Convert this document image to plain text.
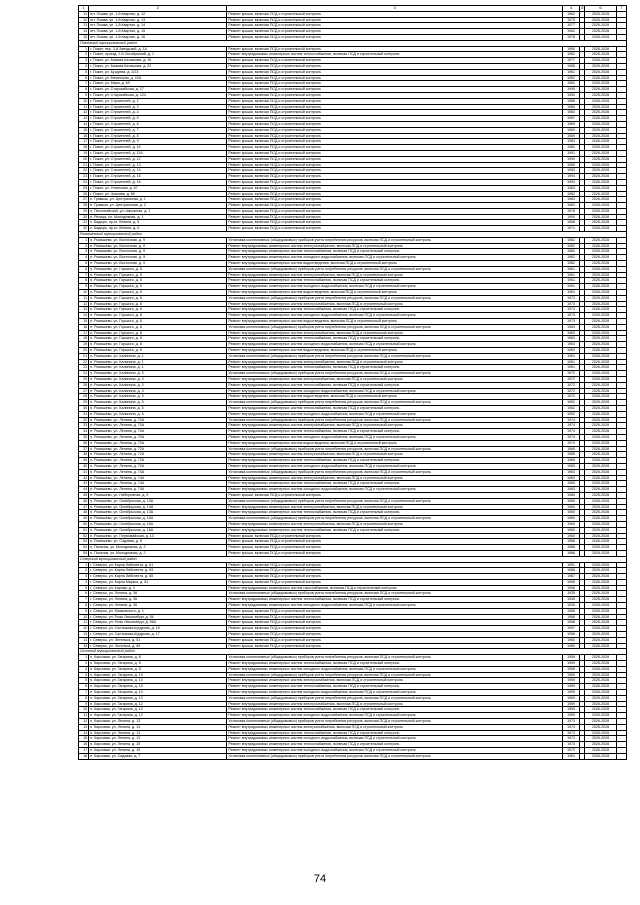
1	2	3	4	5	6	7
11	пгт. Пожва, ул. 1-й Квартал, д. 12	Ремонт крыши, включая ПСД и строительный контроль	1962		2026-2028	
12	пгт. Пожва, ул. 1-й Квартал, д. 13	Ремонт крыши, включая ПСД и строительный контроль	1975		2026-2028	
13	пгт. Пожва, ул. 1-й Квартал, д. 14	Ремонт крыши, включая ПСД и строительный контроль	1977		2026-2028	
14	пгт. Пожва, ул. 1-й Квартал, д. 15	Ремонт крыши, включая ПСД и строительный контроль	1962		2026-2028	
15	пгт. Пожва, ул. 1-й Квартал, д. 16	Ремонт крыши, включая ПСД и строительный контроль	1978		2026-2028	
Пожевский муниципальный район						
1	г. Пожег, пер. 3-й Заводский, д. 1А	Ремонт крыши, включая ПСД и строительный контроль	1990		2026-2028	
2	г. Пожег, проезд. 2-й Октябрьский, д. 1	Ремонт внутридомовых инженерных систем теплоснабжения, включая ПСД и строительный контроль	1962		2026-2028	
3	г. Пожег, ул. Бажова Калашова, д. 16	Ремонт крыши, включая ПСД и строительный контроль	1977		2026-2028	
4	г. Пожег, ул. Бажова Калашова, д. 22	Ремонт крыши, включая ПСД и строительный контроль	1985		2026-2028	
5	г. Пожег, ул. Бушуева, д. 2/23	Ремонт крыши, включая ПСД и строительный контроль	1961		2026-2028	
6	г. Пожег, ул. Мезенская, д. 22А	Ремонт крыши, включая ПСД и строительный контроль	1952		2026-2028	
7	г. Пожег, ул. Мира, д. 69	Ремонт крыши, включая ПСД и строительный контроль	1962		2026-2028	
8	г. Пожег, ул. Старозябская, д. 17	Ремонт крыши, включая ПСД и строительный контроль	1995		2026-2028	
9	г. Пожег, ул. Старозябская, д. 124	Ремонт крыши, включая ПСД и строительный контроль	1950		2026-2028	
10	г. Пожег, ул. Строителей, д. 1	Ремонт крыши, включая ПСД и строительный контроль	1986		2026-2028	
11	г. Пожег, ул. Строителей, д. 3	Ремонт крыши, включая ПСД и строительный контроль	1980		2026-2028	
12	г. Пожег, ул. Строителей, д. 4	Ремонт крыши, включая ПСД и строительный контроль	1983		2026-2028	
13	г. Пожег, ул. Строителей, д. 5	Ремонт крыши, включая ПСД и строительный контроль	1987		2026-2028	
14	г. Пожег, ул. Строителей, д. 6	Ремонт крыши, включая ПСД и строительный контроль	1969		2026-2028	
15	г. Пожег, ул. Строителей, д. 7	Ремонт крыши, включая ПСД и строительный контроль	1969		2026-2028	
16	г. Пожег, ул. Строителей, д. 8	Ремонт крыши, включая ПСД и строительный контроль	1969		2026-2028	
17	г. Пожег, ул. Строителей, д. 9	Ремонт крыши, включая ПСД и строительный контроль	1983		2026-2028	
18	г. Пожег, ул. Строителей, д. 10	Ремонт крыши, включая ПСД и строительный контроль	1982		2026-2028	
19	г. Пожег, ул. Строителей, д. 11А	Ремонт крыши, включая ПСД и строительный контроль	1991		2026-2028	
20	г. Пожег, ул. Строителей, д. 12	Ремонт крыши, включая ПСД и строительный контроль	1990		2026-2028	
21	г. Пожег, ул. Строителей, д. 13	Ремонт крыши, включая ПСД и строительный контроль	1989		2026-2028	
22	г. Пожег, ул. Строителей, д. 14	Ремонт крыши, включая ПСД и строительный контроль	1983		2026-2028	
23	г. Пожег, ул. Строителей, д. 15	Ремонт крыши, включая ПСД и строительный контроль	1994		2026-2028	
24	г. Пожег, ул. Строителей, д. 16	Ремонт крыши, включая ПСД и строительный контроль	1993		2026-2028	
25	г. Пожег, ул. Ухтинская, д. 67	Ремонт крыши, включая ПСД и строительный контроль	1983		2026-2028	
26	г. Пожег, ул. Чкалова, д. 69	Ремонт крыши, включая ПСД и строительный контроль	1962		2026-2028	
27	п. Грамыш, ул. Центральная, д. 1	Ремонт крыши, включая ПСД и строительный контроль	1983		2026-2028	
28	п. Грамыш, ул. Центральная, д. 2	Ремонт крыши, включая ПСД и строительный контроль	1983		2026-2028	
29	п. Песочнайский, ул. Школьная, д. 1	Ремонт крыши, включая ПСД и строительный контроль	1976		2026-2028	
30	п. Речица, ул. Молодежная, д. 1	Ремонт крыши, включая ПСД и строительный контроль	1990		2026-2028	
31	с. Бадырь, пр-кт. Ленина, д. 5	Ремонт крыши, включая ПСД и строительный контроль	1968		2026-2028	
32	с. Бадырь, пр-кт. Ленина, д. 6	Ремонт крыши, включая ПСД и строительный контроль	1971		2026-2028	
Ромашевский муниципальный район						
1	п. Ромашево, ул. Восточная, д. 9	Установка коллективных (общедомовых) приборов учета потребления ресурсов, включая ПСД и строительный контроль	1982		2026-2028	
2	п. Ромашево, ул. Восточная, д. 9	Ремонт внутридомовых инженерных систем электроснабжения, включая ПСД и строительный контроль	1982		2026-2028	
3	п. Ромашево, ул. Восточная, д. 9	Ремонт внутридомовых инженерных систем теплоснабжения, включая ПСД и строительный контроль	1982		2026-2028	
4	п. Ромашево, ул. Восточная, д. 9	Ремонт внутридомовых инженерных систем холодного водоснабжения, включая ПСД и строительный контроль	1982		2026-2028	
5	п. Ромашево, ул. Восточная, д. 9	Ремонт внутридомовых инженерных систем водоотведения, включая ПСД и строительный контроль	1982		2026-2028	
6	п. Ромашево, ул. Горького, д. 5	Установка коллективных (общедомовых) приборов учета потребления ресурсов, включая ПСД и строительный контроль	1961		2026-2028	
7	п. Ромашево, ул. Горького, д. 5	Ремонт внутридомовых инженерных систем электроснабжения, включая ПСД и строительный контроль	1961		2026-2028	
8	п. Ромашево, ул. Горького, д. 5	Ремонт внутридомовых инженерных систем теплоснабжения, включая ПСД и строительный контроль	1961		2026-2028	
9	п. Ромашево, ул. Горького, д. 5	Ремонт внутридомовых инженерных систем холодного водоснабжения, включая ПСД и строительный контроль	1961		2026-2028	
10	п. Ромашево, ул. Горького, д. 5	Ремонт внутридомовых инженерных систем водоотведения, включая ПСД и строительный контроль	1961		2026-2028	
11	п. Ромашево, ул. Горького, д. 6	Установка коллективных (общедомовых) приборов учета потребления ресурсов, включая ПСД и строительный контроль	1973		2026-2028	
12	п. Ромашево, ул. Горького, д. 6	Ремонт внутридомовых инженерных систем электроснабжения, включая ПСД и строительный контроль	1973		2026-2028	
13	п. Ромашево, ул. Горького, д. 6	Ремонт внутридомовых инженерных систем теплоснабжения, включая ПСД и строительный контроль	1973		2026-2028	
14	п. Ромашево, ул. Горького, д. 6	Ремонт внутридомовых инженерных систем холодного водоснабжения, включая ПСД и строительный контроль	1973		2026-2028	
15	п. Ромашево, ул. Горького, д. 6	Ремонт внутридомовых инженерных систем водоотведения, включая ПСД и строительный контроль	1973		2026-2028	
16	п. Ромашево, ул. Горького, д. 8	Установка коллективных (общедомовых) приборов учета потребления ресурсов, включая ПСД и строительный контроль	1963		2026-2028	
17	п. Ромашево, ул. Горького, д. 8	Ремонт внутридомовых инженерных систем электроснабжения, включая ПСД и строительный контроль	1963		2026-2028	
18	п. Ромашево, ул. Горького, д. 8	Ремонт внутридомовых инженерных систем теплоснабжения, включая ПСД и строительный контроль	1963		2026-2028	
19	п. Ромашево, ул. Горького, д. 8	Ремонт внутридомовых инженерных систем холодного водоснабжения, включая ПСД и строительный контроль	1963		2026-2028	
20	п. Ромашево, ул. Горького, д. 8	Ремонт внутридомовых инженерных систем водоотведения, включая ПСД и строительный контроль	1963		2026-2028	
21	п. Ромашево, ул. Калинина, д. 1	Установка коллективных (общедомовых) приборов учета потребления ресурсов, включая ПСД и строительный контроль	1961		2026-2028	
22	п. Ромашево, ул. Калинина, д. 1	Ремонт внутридомовых инженерных систем электроснабжения, включая ПСД и строительный контроль	1961		2026-2028	
23	п. Ромашево, ул. Калинина, д. 1	Ремонт внутридомовых инженерных систем теплоснабжения, включая ПСД и строительный контроль	1961		2026-2028	
24	п. Ромашево, ул. Калинина, д. 3	Установка коллективных (общедомовых) приборов учета потребления ресурсов, включая ПСД и строительный контроль	1972		2026-2028	
25	п. Ромашево, ул. Калинина, д. 3	Ремонт внутридомовых инженерных систем электроснабжения, включая ПСД и строительный контроль	1972		2026-2028	
26	п. Ромашево, ул. Калинина, д. 3	Ремонт внутридомовых инженерных систем теплоснабжения, включая ПСД и строительный контроль	1972		2026-2028	
27	п. Ромашево, ул. Калинина, д. 3	Ремонт внутридомовых инженерных систем холодного водоснабжения, включая ПСД и строительный контроль	1972		2026-2028	
28	п. Ромашево, ул. Калинина, д. 3	Ремонт внутридомовых инженерных систем водоотведения, включая ПСД и строительный контроль	1972		2026-2028	
29	п. Ромашево, ул. Калинина, д. 5	Установка коллективных (общедомовых) приборов учета потребления ресурсов, включая ПСД и строительный контроль	1952		2026-2028	
30	п. Ромашево, ул. Калинина, д. 5	Ремонт внутридомовых инженерных систем теплоснабжения, включая ПСД и строительный контроль	1952		2026-2028	
31	п. Ромашево, ул. Калинина, д. 5	Ремонт внутридомовых инженерных систем холодного водоснабжения, включая ПСД и строительный контроль	1952		2026-2028	
32	п. Ромашево, ул. Ленина, д. 70А	Установка коллективных (общедомовых) приборов учета потребления ресурсов, включая ПСД и строительный контроль	1974		2026-2028	
33	п. Ромашево, ул. Ленина, д. 70А	Ремонт внутридомовых инженерных систем электроснабжения, включая ПСД и строительный контроль	1974		2026-2028	
34	п. Ромашево, ул. Ленина, д. 70А	Ремонт внутридомовых инженерных систем теплоснабжения, включая ПСД и строительный контроль	1974		2026-2028	
35	п. Ромашево, ул. Ленина, д. 70А	Ремонт внутридомовых инженерных систем холодного водоснабжения, включая ПСД и строительный контроль	1974		2026-2028	
36	п. Ромашево, ул. Ленина, д. 70А	Ремонт внутридомовых инженерных систем водоотведения, включая ПСД и строительный контроль	1974		2026-2028	
37	п. Ромашево, ул. Ленина, д. 72А	Установка коллективных (общедомовых) приборов учета потребления ресурсов, включая ПСД и строительный контроль	1965		2026-2028	
38	п. Ромашево, ул. Ленина, д. 72А	Ремонт внутридомовых инженерных систем электроснабжения, включая ПСД и строительный контроль	1965		2026-2028	
39	п. Ромашево, ул. Ленина, д. 72А	Ремонт внутридомовых инженерных систем теплоснабжения, включая ПСД и строительный контроль	1965		2026-2028	
40	п. Ромашево, ул. Ленина, д. 72А	Ремонт внутридомовых инженерных систем холодного водоснабжения, включая ПСД и строительный контроль	1965		2026-2028	
41	п. Ромашево, ул. Ленина, д. 74А	Установка коллективных (общедомовых) приборов учета потребления ресурсов, включая ПСД и строительный контроль	1963		2026-2028	
42	п. Ромашево, ул. Ленина, д. 74А	Ремонт внутридомовых инженерных систем электроснабжения, включая ПСД и строительный контроль	1963		2026-2028	
43	п. Ромашево, ул. Ленина, д. 74А	Ремонт внутридомовых инженерных систем теплоснабжения, включая ПСД и строительный контроль	1963		2026-2028	
44	п. Ромашево, ул. Ленина, д. 74А	Ремонт внутридомовых инженерных систем холодного водоснабжения, включая ПСД и строительный контроль	1963		2026-2028	
45	п. Ромашево, ул. Набережная, д. 9	Ремонт крыши, включая ПСД и строительный контроль	1985		2026-2028	
46	п. Ромашево, ул. Октябрьская, д. 13А	Установка коллективных (общедомовых) приборов учета потребления ресурсов, включая ПСД и строительный контроль	1960		2026-2028	
47	п. Ромашево, ул. Октябрьская, д. 13А	Ремонт внутридомовых инженерных систем электроснабжения, включая ПСД и строительный контроль	1960		2026-2028	
48	п. Ромашево, ул. Октябрьская, д. 13А	Ремонт внутридомовых инженерных систем теплоснабжения, включая ПСД и строительный контроль	1960		2026-2028	
49	п. Ромашево, ул. Октябрьская, д. 16А	Установка коллективных (общедомовых) приборов учета потребления ресурсов, включая ПСД и строительный контроль	1960		2026-2028	
50	п. Ромашево, ул. Октябрьская, д. 16А	Ремонт внутридомовых инженерных систем электроснабжения, включая ПСД и строительный контроль	1960		2026-2028	
51	п. Ромашево, ул. Октябрьская, д. 16А	Ремонт внутридомовых инженерных систем теплоснабжения, включая ПСД и строительный контроль	1960		2026-2028	
52	п. Ромашево, ул. Первомайская, д. 13	Ремонт крыши, включая ПСД и строительный контроль	1960		2026-2028	
53	п. Ромашево, ул. Садовая, д. 6	Ремонт крыши, включая ПСД и строительный контроль	1968		2026-2028	
54	п. Пальник, ул. Молодежная, д. 2	Ремонт крыши, включая ПСД и строительный контроль	1988		2026-2028	
55	п. Пальник, ул. Молодежная, д. 2	Ремонт крыши, включая ПСД и строительный контроль	1986		2026-2028	
Северский муниципальный район						
1	г. Северск, ул. Карла Либкнехта, д. 61	Ремонт крыши, включая ПСД и строительный контроль	1991		2026-2028	
2	г. Северск, ул. Карла Либкнехта, д. 63	Ремонт крыши, включая ПСД и строительный контроль	1988		2026-2028	
3	г. Северск, ул. Карла Либкнехта, д. 65	Ремонт крыши, включая ПСД и строительный контроль	1987		2026-2028	
4	г. Северск, ул. Карла Маркса, д. 51	Ремонт крыши, включая ПСД и строительный контроль	1968		2026-2028	
5	г. Северск, ул. Кирова, д. 3	Ремонт внутридомовых инженерных систем газоснабжения, включая ПСД и строительный контроль	1956		2026-2028	
6	г. Северск, ул. Ленина, д. 36	Установка коллективных (общедомовых) приборов учета потребления ресурсов, включая ПСД и строительный контроль	1935		2026-2028	
7	г. Северск, ул. Ленина, д. 36	Ремонт внутридомовых инженерных систем теплоснабжения, включая ПСД и строительный контроль	1935		2026-2028	
8	г. Северск, ул. Ленина, д. 36	Ремонт внутридомовых инженерных систем холодного водоснабжения, включая ПСД и строительный контроль	1935		2026-2028	
9	г. Северск, ул. Маяковского, д. 1	Ремонт крыши, включая ПСД и строительный контроль	1956		2026-2028	
10	г. Северск, ул. Розы Люксембург, д. 54	Ремонт крыши, включая ПСД и строительный контроль	1968		2026-2028	
11	г. Северск, ул. Розы Люксембург, д. 56А	Ремонт крыши, включая ПСД и строительный контроль	1968		2026-2028	
12	г. Северск, ул. Салтыкова-Щедрина, д. 15	Ремонт крыши, включая ПСД и строительный контроль	1957		2026-2028	
13	г. Северск, ул. Салтыкова-Щедрина, д. 17	Ремонт крыши, включая ПСД и строительный контроль	1956		2026-2028	
14	г. Северск, ул. Энгельса, д. 51	Ремонт крыши, включая ПСД и строительный контроль	1980		2026-2028	
15	г. Северск, ул. Энгельса, д. 56	Ремонт крыши, включая ПСД и строительный контроль	1980		2026-2028	
Осинский муниципальный район						
1	п. Карсовая, ул. Гагарина, д. 8	Установка коллективных (общедомовых) приборов учета потребления ресурсов, включая ПСД и строительный контроль	1959		2026-2028	
2	п. Карсовая, ул. Гагарина, д. 8	Ремонт внутридомовых инженерных систем теплоснабжения, включая ПСД и строительный контроль	1959		2026-2028	
3	п. Карсовая, ул. Гагарина, д. 8	Ремонт внутридомовых инженерных систем холодного водоснабжения, включая ПСД и строительный контроль	1959		2026-2028	
4	п. Карсовая, ул. Гагарина, д. 10	Установка коллективных (общедомовых) приборов учета потребления ресурсов, включая ПСД и строительный контроль	1959		2026-2028	
5	п. Карсовая, ул. Гагарина, д. 10	Ремонт внутридомовых инженерных систем электроснабжения, включая ПСД и строительный контроль	1959		2026-2028	
6	п. Карсовая, ул. Гагарина, д. 10	Ремонт внутридомовых инженерных систем теплоснабжения, включая ПСД и строительный контроль	1959		2026-2028	
7	п. Карсовая, ул. Гагарина, д. 10	Ремонт внутридомовых инженерных систем холодного водоснабжения, включая ПСД и строительный контроль	1959		2026-2028	
8	п. Карсовая, ул. Гагарина, д. 12	Установка коллективных (общедомовых) приборов учета потребления ресурсов, включая ПСД и строительный контроль	1959		2026-2028	
9	п. Карсовая, ул. Гагарина, д. 12	Ремонт внутридомовых инженерных систем электроснабжения, включая ПСД и строительный контроль	1959		2026-2028	
10	п. Карсовая, ул. Гагарина, д. 12	Ремонт внутридомовых инженерных систем теплоснабжения, включая ПСД и строительный контроль	1959		2026-2028	
11	п. Карсовая, ул. Гагарина, д. 12	Ремонт внутридомовых инженерных систем холодного водоснабжения, включая ПСД и строительный контроль	1959		2026-2028	
12	п. Карсовая, ул. Ленина, д. 13	Установка коллективных (общедомовых) приборов учета потребления ресурсов, включая ПСД и строительный контроль	1973		2026-2028	
13	п. Карсовая, ул. Ленина, д. 13	Ремонт внутридомовых инженерных систем электроснабжения, включая ПСД и строительный контроль	1973		2026-2028	
14	п. Карсовая, ул. Ленина, д. 13	Ремонт внутридомовых инженерных систем теплоснабжения, включая ПСД и строительный контроль	1973		2026-2028	
15	п. Карсовая, ул. Ленина, д. 13	Ремонт внутридомовых инженерных систем холодного водоснабжения, включая ПСД и строительный контроль	1973		2026-2028	
16	п. Карсовая, ул. Ленина, д. 15	Ремонт внутридомовых инженерных систем теплоснабжения, включая ПСД и строительный контроль	1973		2026-2028	
17	п. Карсовая, ул. Ленина, д. 15	Ремонт внутридомовых инженерных систем холодного водоснабжения, включая ПСД и строительный контроль	1973		2026-2028	
18	п. Карсовая, ул. Садовая, д. 7	Установка коллективных (общедомовых) приборов учета потребления ресурсов, включая ПСД и строительный контроль	1961		2026-2028	
74
